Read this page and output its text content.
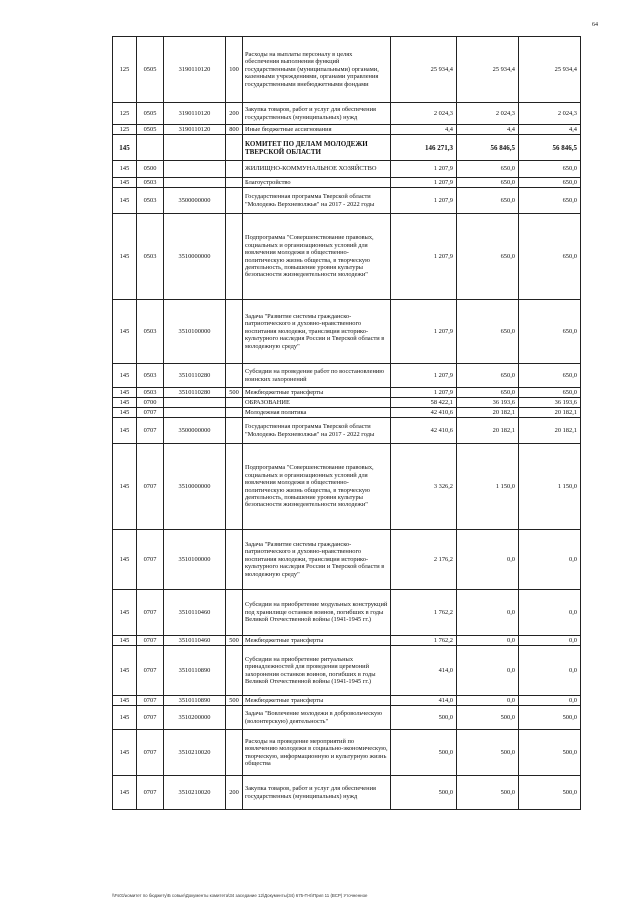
64
125	0505	3190110120	100	Расходы на выплаты персоналу в целях обеспечения выполнения функций государственными (муниципальными) органами, казенными учреждениями, органами управления государственными внебюджетными фондами	25 934,4	25 934,4	25 934,4
125	0505	3190110120	200	Закупка товаров, работ и услуг для обеспечения государственных (муниципальных) нужд	2 024,3	2 024,3	2 024,3
125	0505	3190110120	800	Иные бюджетные ассигнования	4,4	4,4	4,4
145				КОМИТЕТ ПО ДЕЛАМ МОЛОДЕЖИ ТВЕРСКОЙ ОБЛАСТИ	146 271,3	56 846,5	56 846,5
145	0500			ЖИЛИЩНО-КОММУНАЛЬНОЕ ХОЗЯЙСТВО	1 207,9	650,0	650,0
145	0503			Благоустройство	1 207,9	650,0	650,0
145	0503	3500000000		Государственная программа Тверской области "Молодежь Верхневолжья" на 2017 - 2022 годы	1 207,9	650,0	650,0
145	0503	3510000000		Подпрограмма "Совершенствование правовых, социальных и организационных условий для вовлечения молодежи в общественно-политическую жизнь общества, в творческую деятельность, повышение уровня культуры безопасности жизнедеятельности молодежи"	1 207,9	650,0	650,0
145	0503	3510100000		Задача "Развитие системы гражданско-патриотического и духовно-нравственного воспитания молодежи, трансляция историко-культурного наследия России и Тверской области в молодежную среду"	1 207,9	650,0	650,0
145	0503	3510110280		Субсидии на проведение работ по восстановлению воинских захоронений	1 207,9	650,0	650,0
145	0503	3510110280	500	Межбюджетные трансферты	1 207,9	650,0	650,0
145	0700			ОБРАЗОВАНИЕ	58 422,1	36 193,6	36 193,6
145	0707			Молодежная политика	42 410,6	20 182,1	20 182,1
145	0707	3500000000		Государственная программа Тверской области "Молодежь Верхневолжья" на 2017 - 2022 годы	42 410,6	20 182,1	20 182,1
145	0707	3510000000		Подпрограмма "Совершенствование правовых, социальных и организационных условий для вовлечения молодежи в общественно-политическую жизнь общества, в творческую деятельность, повышение уровня культуры безопасности жизнедеятельности молодежи"	3 326,2	1 150,0	1 150,0
145	0707	3510100000		Задача "Развитие системы гражданско-патриотического и духовно-нравственного воспитания молодежи, трансляция историко-культурного наследия России и Тверской области в молодежную среду"	2 176,2	0,0	0,0
145	0707	3510110460		Субсидии на приобретение модульных конструкций под хранилище останков воинов, погибших в годы Великой Отечественной войны (1941-1945 гг.)	1 762,2	0,0	0,0
145	0707	3510110460	500	Межбюджетные трансферты	1 762,2	0,0	0,0
145	0707	3510110890		Субсидии на приобретение ритуальных принадлежностей для проведения церемоний захоронения останков воинов, погибших в годы Великой Отечественной войны (1941-1945 гг.)	414,0	0,0	0,0
145	0707	3510110890	500	Межбюджетные трансферты	414,0	0,0	0,0
145	0707	3510200000		Задача "Вовлечение молодежи в добровольческую (волонтерскую) деятельность"	500,0	500,0	500,0
145	0707	3510210020		Расходы на проведение мероприятий по вовлечению молодежи в социально-экономическую, творческую, информационную и культурную жизнь общества	500,0	500,0	500,0
145	0707	3510210020	200	Закупка товаров, работ и услуг для обеспечения государственных (муниципальных) нужд	500,0	500,0	500,0
\\Fs01\комитет по бюджету\Б совые\Документы комитета\34 заседание 12\Документы(34) 675-П-6\Прил 11 (ВСР) Уточненное
